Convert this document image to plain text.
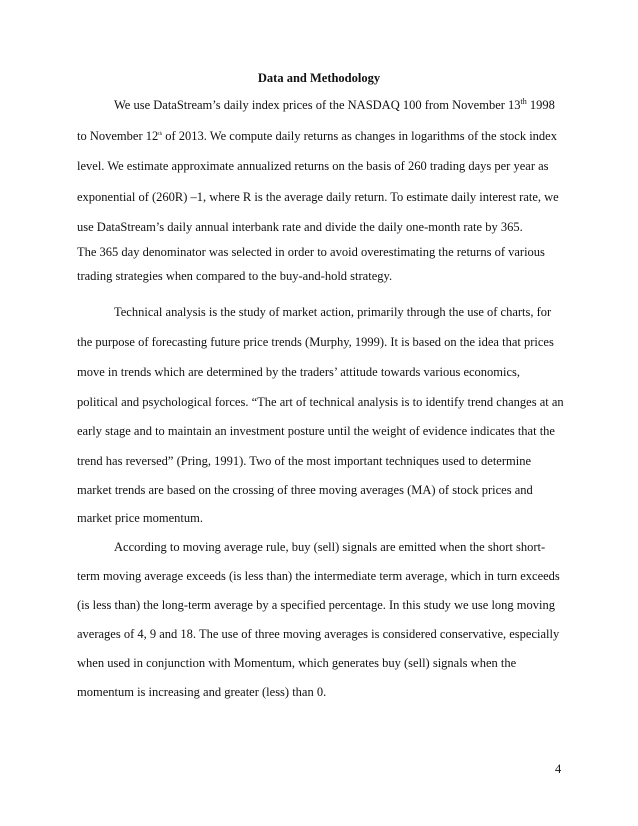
Data and Methodology
We use DataStream’s daily index prices of the NASDAQ 100 from November 13th 1998
to November 12th of 2013. We compute daily returns as changes in logarithms of the stock index
level. We estimate approximate annualized returns on the basis of 260 trading days per year as
exponential of (260R) –1, where R is the average daily return. To estimate daily interest rate, we
use DataStream’s daily annual interbank rate and divide the daily one-month rate by 365.
The 365 day denominator was selected in order to avoid overestimating the returns of various
trading strategies when compared to the buy-and-hold strategy.
Technical analysis is the study of market action, primarily through the use of charts, for
the purpose of forecasting future price trends (Murphy, 1999). It is based on the idea that prices
move in trends which are determined by the traders’ attitude towards various economics,
political and psychological forces. “The art of technical analysis is to identify trend changes at an
early stage and to maintain an investment posture until the weight of evidence indicates that the
trend has reversed” (Pring, 1991). Two of the most important techniques used to determine
market trends are based on the crossing of three moving averages (MA) of stock prices and
market price momentum.
According to moving average rule, buy (sell) signals are emitted when the short short-
term moving average exceeds (is less than) the intermediate term average, which in turn exceeds
(is less than) the long-term average by a specified percentage. In this study we use long moving
averages of 4, 9 and 18. The use of three moving averages is considered conservative, especially
when used in conjunction with Momentum, which generates buy (sell) signals when the
momentum is increasing and greater (less) than 0.
4
